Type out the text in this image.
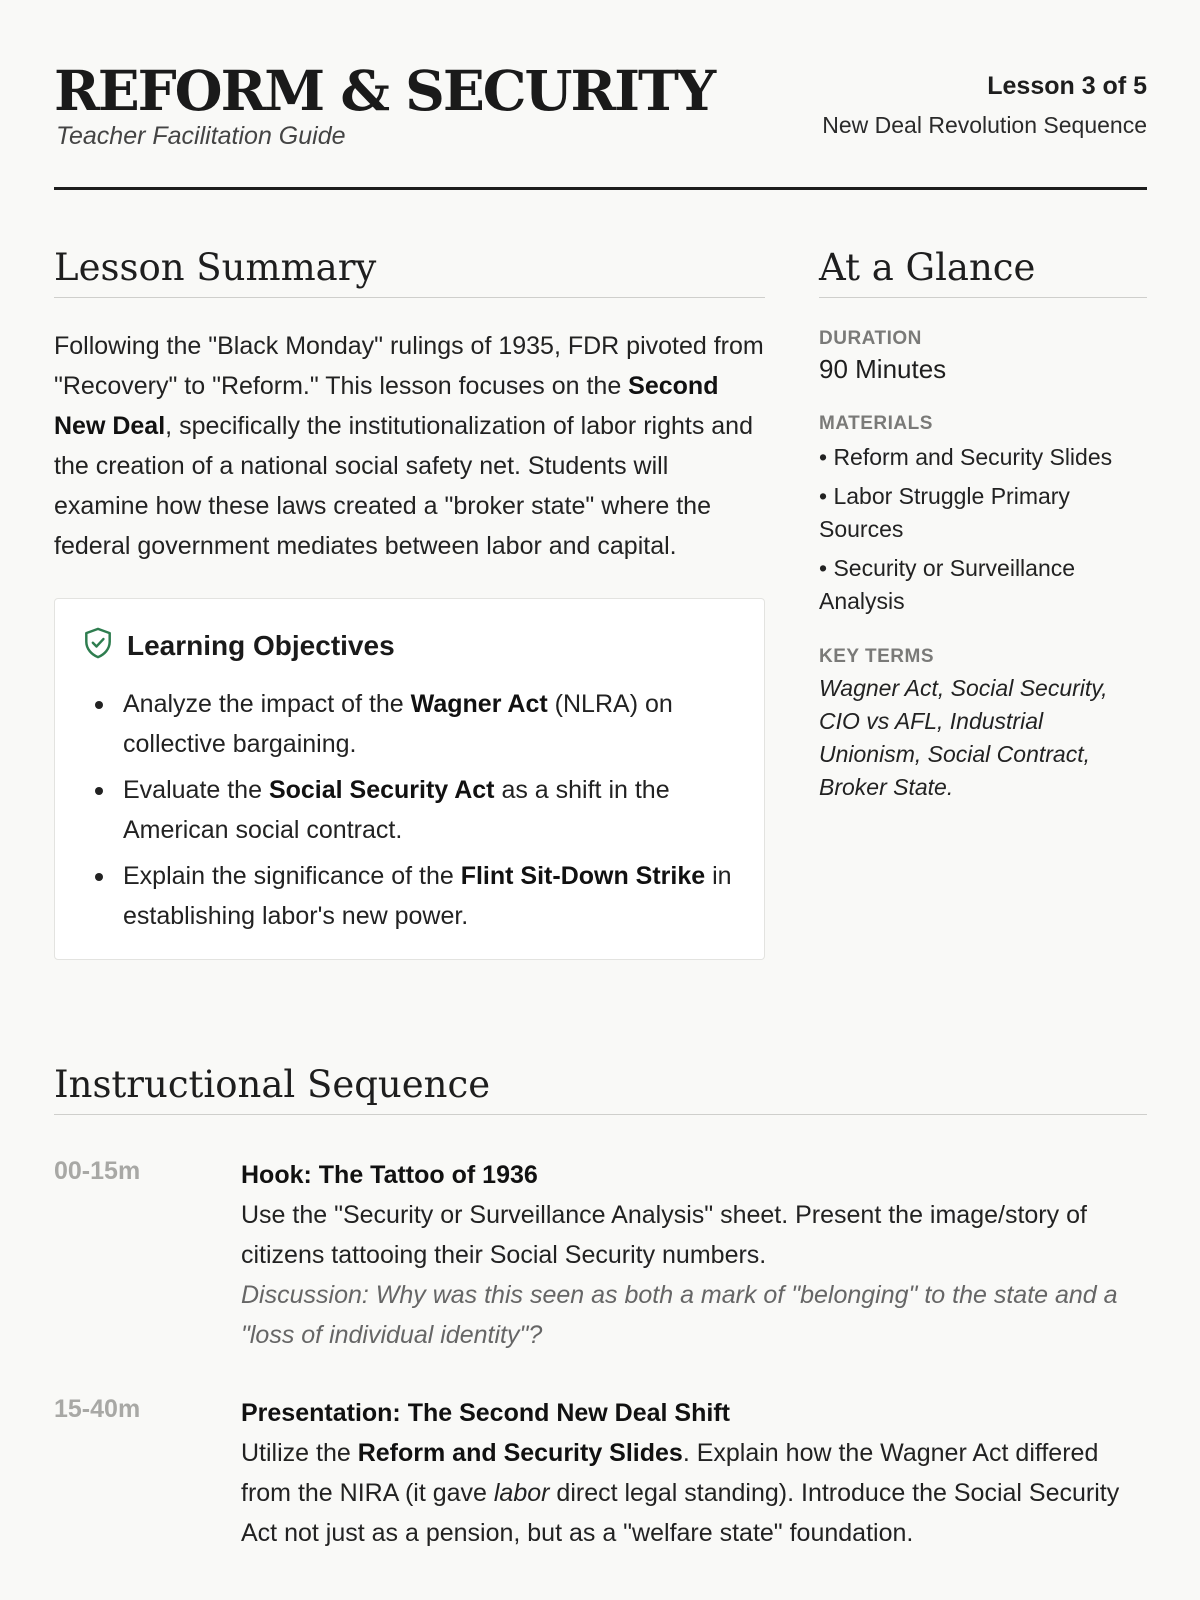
REFORM & SECURITY
Teacher Facilitation Guide
Lesson 3 of 5
New Deal Revolution Sequence
Lesson Summary

Following the "Black Monday" rulings of 1935, FDR pivoted from "Recovery" to "Reform." This lesson focuses on the Second New Deal, specifically the institutionalization of labor rights and the creation of a national social safety net. Students will examine how these laws created a "broker state" where the federal government mediates between labor and capital.

Learning Objectives
Analyze the impact of the Wagner Act (NLRA) on collective bargaining.
Evaluate the Social Security Act as a shift in the American social contract.
Explain the significance of the Flint Sit-Down Strike in establishing labor's new power.
At a Glance
DURATION
90 Minutes
MATERIALS
• Reform and Security Slides
• Labor Struggle Primary Sources
• Security or Surveillance Analysis
KEY TERMS
Wagner Act, Social Security, CIO vs AFL, Industrial Unionism, Social Contract, Broker State.
Instructional Sequence
00-15m	Hook: The Tattoo of 1936
Use the "Security or Surveillance Analysis" sheet. Present the image/story of citizens tattooing their Social Security numbers.
Discussion: Why was this seen as both a mark of "belonging" to the state and a "loss of individual identity"?
15-40m	Presentation: The Second New Deal Shift
Utilize the Reform and Security Slides. Explain how the Wagner Act differed from the NIRA (it gave labor direct legal standing). Introduce the Social Security Act not just as a pension, but as a "welfare state" foundation.
